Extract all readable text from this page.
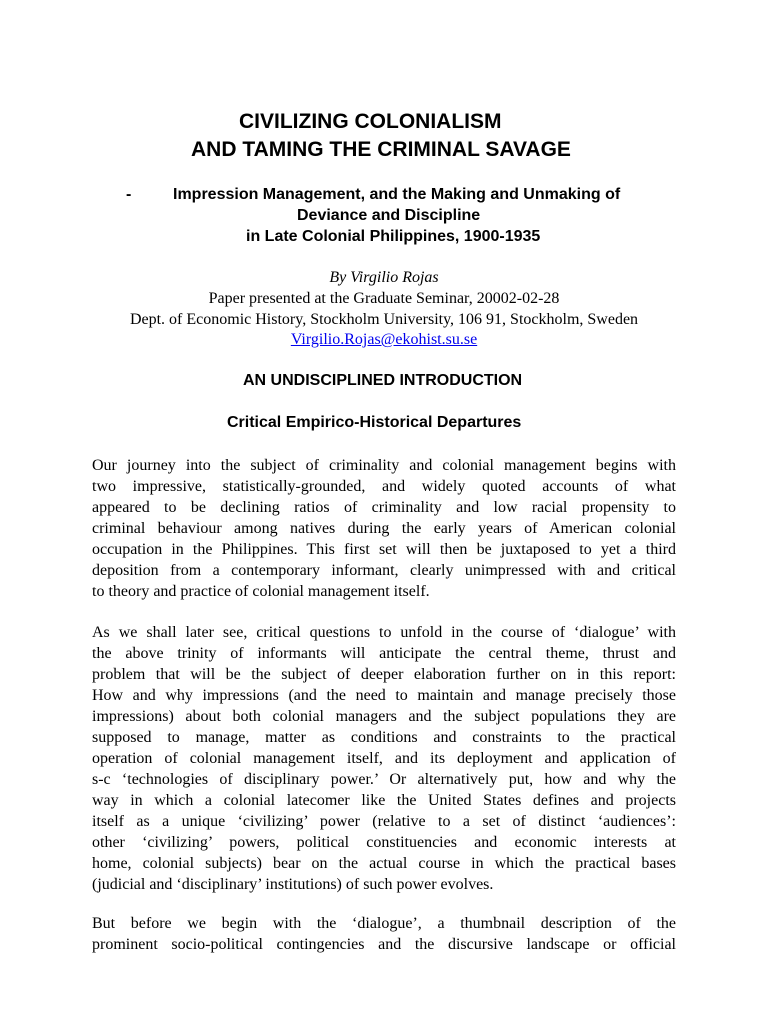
CIVILIZING COLONIALISM
AND TAMING THE CRIMINAL SAVAGE
-	Impression Management, and the Making and Unmaking of
Deviance and Discipline
in Late Colonial Philippines, 1900-1935
By Virgilio Rojas
Paper presented at the Graduate Seminar, 20002-02-28
Dept. of Economic History, Stockholm University, 106 91, Stockholm, Sweden
Virgilio.Rojas@ekohist.su.se
AN UNDISCIPLINED INTRODUCTION
Critical Empirico-Historical Departures
Our journey into the subject of criminality and colonial management begins with
two impressive, statistically-grounded, and widely quoted accounts of what
appeared to be declining ratios of criminality and low racial propensity to
criminal behaviour among natives during the early years of American colonial
occupation in the Philippines. This first set will then be juxtaposed to yet a third
deposition from a contemporary informant, clearly unimpressed with and critical
to theory and practice of colonial management itself.
As we shall later see, critical questions to unfold in the course of ‘dialogue’ with
the above trinity of informants will anticipate the central theme, thrust and
problem that will be the subject of deeper elaboration further on in this report:
How and why impressions (and the need to maintain and manage precisely those
impressions) about both colonial managers and the subject populations they are
supposed to manage, matter as conditions and constraints to the practical
operation of colonial management itself, and its deployment and application of
s-c ‘technologies of disciplinary power.’ Or alternatively put, how and why the
way in which a colonial latecomer like the United States defines and projects
itself as a unique ‘civilizing’ power (relative to a set of distinct ‘audiences’:
other ‘civilizing’ powers, political constituencies and economic interests at
home, colonial subjects) bear on the actual course in which the practical bases
(judicial and ‘disciplinary’ institutions) of such power evolves.
But before we begin with the ‘dialogue’, a thumbnail description of the
prominent socio-political contingencies and the discursive landscape or official
